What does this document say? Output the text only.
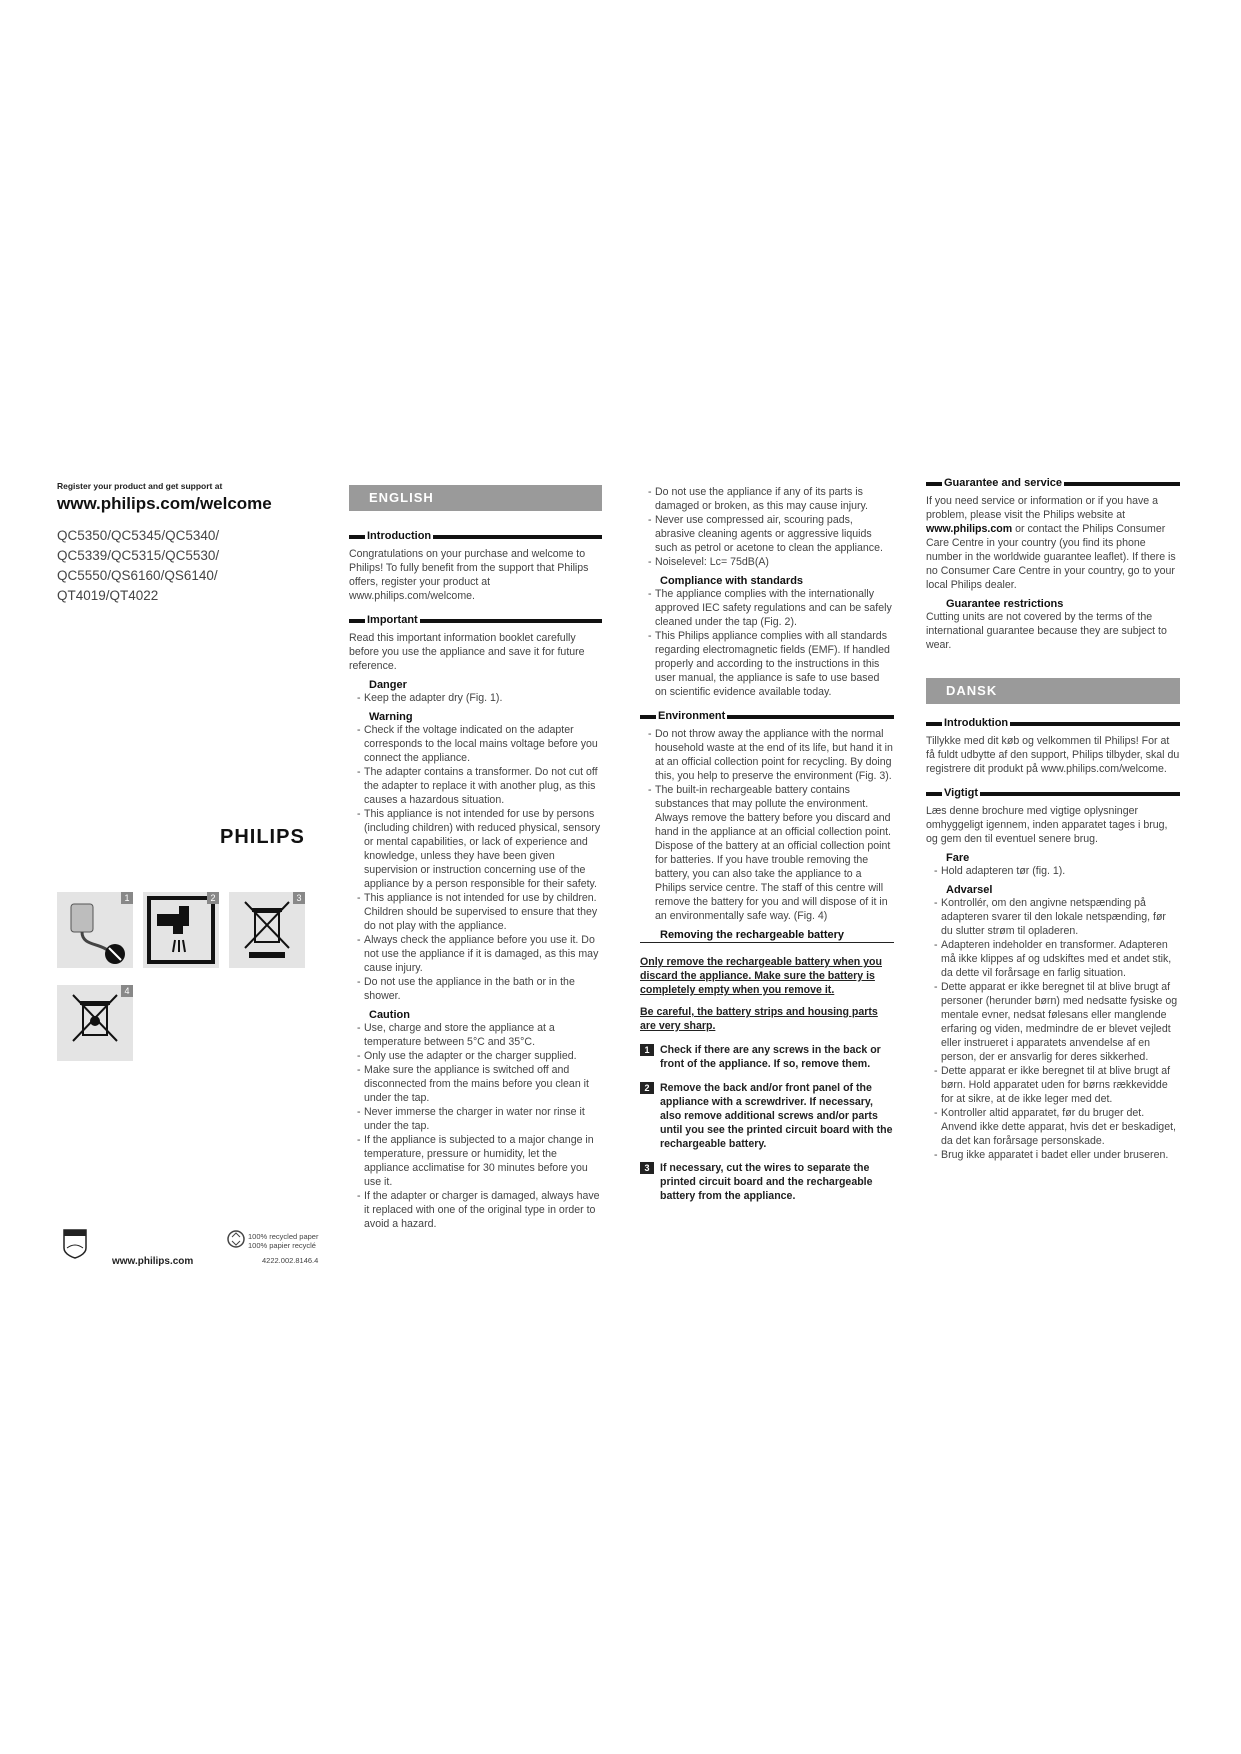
Register your product and get support at
www.philips.com/welcome
QC5350/QC5345/QC5340/
QC5339/QC5315/QC5530/
QC5550/QS6160/QS6140/
QT4019/QT4022
PHILIPS
1	2	3
4
www.philips.com
100% recycled paper
100% papier recyclé
4222.002.8146.4
ENGLISH
Introduction

Congratulations on your purchase and welcome to Philips! To fully benefit from the support that Philips offers, register your product at www.philips.com/welcome.

Important

Read this important information booklet carefully before you use the appliance and save it for future reference.

Danger
- Keep the adapter dry (Fig. 1).
Warning
- Check if the voltage indicated on the adapter corresponds to the local mains voltage before you connect the appliance.
- The adapter contains a transformer. Do not cut off the adapter to replace it with another plug, as this causes a hazardous situation.
- This appliance is not intended for use by persons (including children) with reduced physical, sensory or mental capabilities, or lack of experience and knowledge, unless they have been given supervision or instruction concerning use of the appliance by a person responsible for their safety.
- This appliance is not intended for use by children. Children should be supervised to ensure that they do not play with the appliance.
- Always check the appliance before you use it. Do not use the appliance if it is damaged, as this may cause injury.
- Do not use the appliance in the bath or in the shower.
Caution
- Use, charge and store the appliance at a temperature between 5°C and 35°C.
- Only use the adapter or the charger supplied.
- Make sure the appliance is switched off and disconnected from the mains before you clean it under the tap.
- Never immerse the charger in water nor rinse it under the tap.
- If the appliance is subjected to a major change in temperature, pressure or humidity, let the appliance acclimatise for 30 minutes before you use it.
- If the adapter or charger is damaged, always have it replaced with one of the original type in order to avoid a hazard.
- Do not use the appliance if any of its parts is damaged or broken, as this may cause injury.
- Never use compressed air, scouring pads, abrasive cleaning agents or aggressive liquids such as petrol or acetone to clean the appliance.
- Noiselevel: Lc= 75dB(A)
Compliance with standards
- The appliance complies with the internationally approved IEC safety regulations and can be safely cleaned under the tap (Fig. 2).
- This Philips appliance complies with all standards regarding electromagnetic fields (EMF). If handled properly and according to the instructions in this user manual, the appliance is safe to use based on scientific evidence available today.
Environment
- Do not throw away the appliance with the normal household waste at the end of its life, but hand it in at an official collection point for recycling. By doing this, you help to preserve the environment (Fig. 3).
- The built-in rechargeable battery contains substances that may pollute the environment. Always remove the battery before you discard and hand in the appliance at an official collection point. Dispose of the battery at an official collection point for batteries. If you have trouble removing the battery, you can also take the appliance to a Philips service centre. The staff of this centre will remove the battery for you and will dispose of it in an environmentally safe way. (Fig. 4)
Removing the rechargeable battery

Only remove the rechargeable battery when you discard the appliance. Make sure the battery is completely empty when you remove it.

Be careful, the battery strips and housing parts are very sharp.

1 Check if there are any screws in the back or front of the appliance. If so, remove them.
2 Remove the back and/or front panel of the appliance with a screwdriver. If necessary, also remove additional screws and/or parts until you see the printed circuit board with the rechargeable battery.
3 If necessary, cut the wires to separate the printed circuit board and the rechargeable battery from the appliance.
Guarantee and service

If you need service or information or if you have a problem, please visit the Philips website at www.philips.com or contact the Philips Consumer Care Centre in your country (you find its phone number in the worldwide guarantee leaflet). If there is no Consumer Care Centre in your country, go to your local Philips dealer.

Guarantee restrictions

Cutting units are not covered by the terms of the international guarantee because they are subject to wear.

DANSK
Introduktion

Tillykke med dit køb og velkommen til Philips! For at få fuldt udbytte af den support, Philips tilbyder, skal du registrere dit produkt på www.philips.com/welcome.

Vigtigt

Læs denne brochure med vigtige oplysninger omhyggeligt igennem, inden apparatet tages i brug, og gem den til eventuel senere brug.

Fare
- Hold adapteren tør (fig. 1).
Advarsel
- Kontrollér, om den angivne netspænding på adapteren svarer til den lokale netspænding, før du slutter strøm til opladeren.
- Adapteren indeholder en transformer. Adapteren må ikke klippes af og udskiftes med et andet stik, da dette vil forårsage en farlig situation.
- Dette apparat er ikke beregnet til at blive brugt af personer (herunder børn) med nedsatte fysiske og mentale evner, nedsat følesans eller manglende erfaring og viden, medmindre de er blevet vejledt eller instrueret i apparatets anvendelse af en person, der er ansvarlig for deres sikkerhed.
- Dette apparat er ikke beregnet til at blive brugt af børn. Hold apparatet uden for børns rækkevidde for at sikre, at de ikke leger med det.
- Kontroller altid apparatet, før du bruger det. Anvend ikke dette apparat, hvis det er beskadiget, da det kan forårsage personskade.
- Brug ikke apparatet i badet eller under bruseren.
